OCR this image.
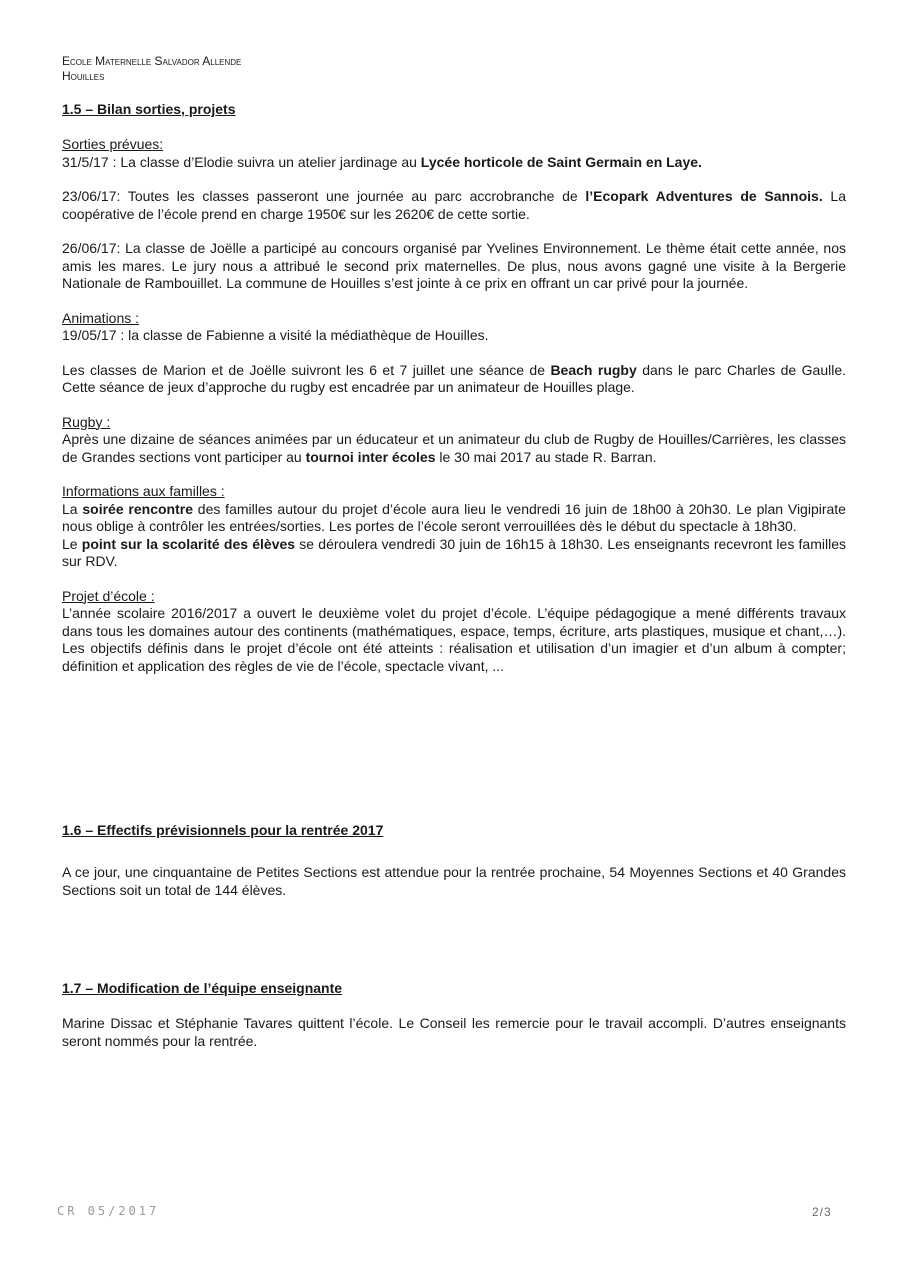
Ecole Maternelle Salvador Allende
Houilles
1.5 – Bilan sorties, projets

Sorties prévues:

31/5/17 : La classe d’Elodie suivra un atelier jardinage au Lycée horticole de Saint Germain en Laye.

23/06/17: Toutes les classes passeront une journée au parc accrobranche de l’Ecopark Adventures de Sannois. La coopérative de l’école prend en charge 1950€ sur les 2620€ de cette sortie.

26/06/17: La classe de Joëlle a participé au concours organisé par Yvelines Environnement. Le thème était cette année, nos amis les mares. Le jury nous a attribué le second prix maternelles. De plus, nous avons gagné une visite à la Bergerie Nationale de Rambouillet. La commune de Houilles s’est jointe à ce prix en offrant un car privé pour la journée.

Animations :

19/05/17 : la classe de Fabienne a visité la médiathèque de Houilles.

Les classes de Marion et de Joëlle suivront les 6 et 7 juillet une séance de Beach rugby dans le parc Charles de Gaulle. Cette séance de jeux d’approche du rugby est encadrée par un animateur de Houilles plage.

Rugby :

Après une dizaine de séances animées par un éducateur et un animateur du club de Rugby de Houilles/Carrières, les classes de Grandes sections vont participer au tournoi inter écoles le 30 mai 2017 au stade R. Barran.

Informations aux familles :

La soirée rencontre des familles autour du projet d’école aura lieu le vendredi 16 juin de 18h00 à 20h30. Le plan Vigipirate nous oblige à contrôler les entrées/sorties. Les portes de l’école seront verrouillées dès le début du spectacle à 18h30.

Le point sur la scolarité des élèves se déroulera vendredi 30 juin de 16h15 à 18h30. Les enseignants recevront les familles sur RDV.

Projet d’école :

L’année scolaire 2016/2017 a ouvert le deuxième volet du projet d’école. L’équipe pédagogique a mené différents travaux dans tous les domaines autour des continents (mathématiques, espace, temps, écriture, arts plastiques, musique et chant,…). Les objectifs définis dans le projet d’école ont été atteints : réalisation et utilisation d’un imagier et d’un album à compter; définition et application des règles de vie de l’école, spectacle vivant, ...

1.6 – Effectifs prévisionnels pour la rentrée 2017

A ce jour, une cinquantaine de Petites Sections est attendue pour la rentrée prochaine, 54 Moyennes Sections et 40 Grandes Sections soit un total de 144 élèves.

1.7 – Modification de l’équipe enseignante

Marine Dissac et Stéphanie Tavares quittent l’école. Le Conseil les remercie pour le travail accompli. D’autres enseignants seront nommés pour la rentrée.

CR 05/2017	2/3
